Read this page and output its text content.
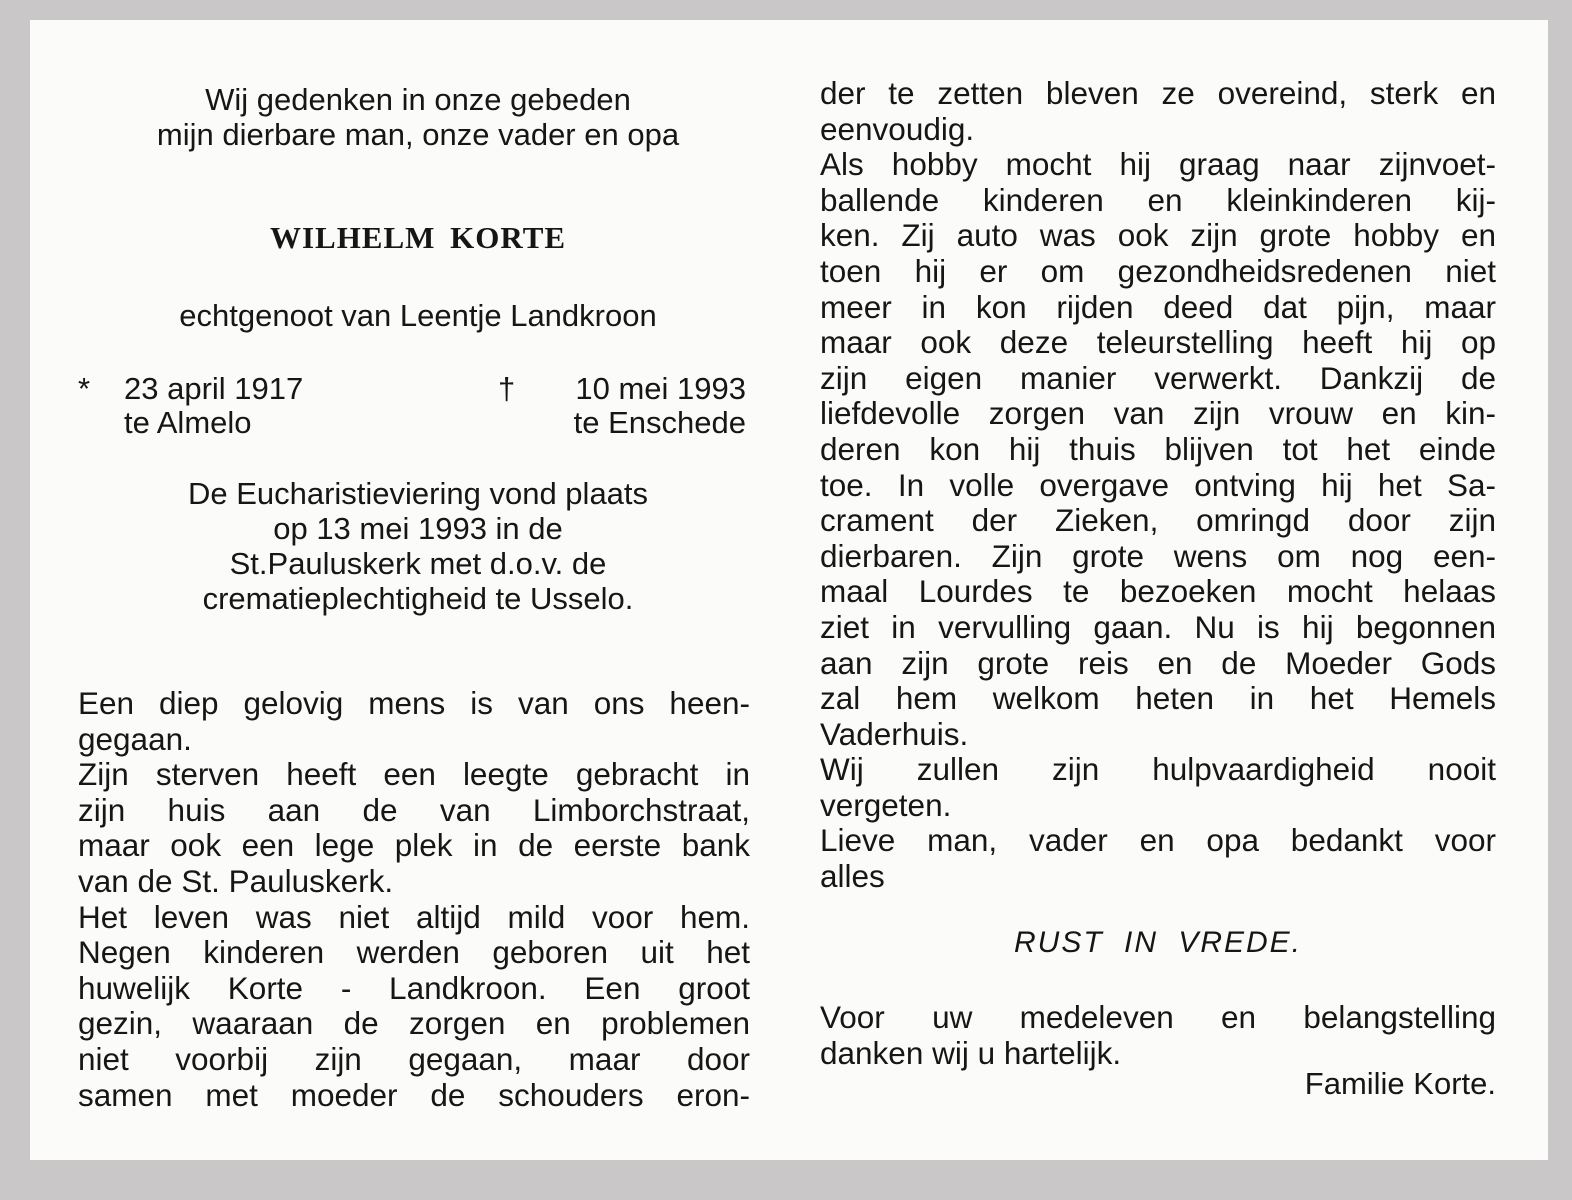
Wij gedenken in onze gebeden
mijn dierbare man, onze vader en opa
WILHELM KORTE
echtgenoot van Leentje Landkroon
* 23 april 1917
te Almelo
† 10 mei 1993
te Enschede
De Eucharistieviering vond plaats
op 13 mei 1993 in de
St.Pauluskerk met d.o.v. de
crematieplechtigheid te Usselo.
Een diep gelovig mens is van ons heen-
gegaan.
Zijn sterven heeft een leegte gebracht in
zijn huis aan de van Limborchstraat,
maar ook een lege plek in de eerste bank
van de St. Pauluskerk.
Het leven was niet altijd mild voor hem.
Negen kinderen werden geboren uit het
huwelijk Korte - Landkroon. Een groot
gezin, waaraan de zorgen en problemen
niet voorbij zijn gegaan, maar door
samen met moeder de schouders eron-
der te zetten bleven ze overeind, sterk en
eenvoudig.
Als hobby mocht hij graag naar zijnvoet-
ballende kinderen en kleinkinderen kij-
ken. Zij auto was ook zijn grote hobby en
toen hij er om gezondheidsredenen niet
meer in kon rijden deed dat pijn, maar
maar ook deze teleurstelling heeft hij op
zijn eigen manier verwerkt. Dankzij de
liefdevolle zorgen van zijn vrouw en kin-
deren kon hij thuis blijven tot het einde
toe. In volle overgave ontving hij het Sa-
crament der Zieken, omringd door zijn
dierbaren. Zijn grote wens om nog een-
maal Lourdes te bezoeken mocht helaas
ziet in vervulling gaan. Nu is hij begonnen
aan zijn grote reis en de Moeder Gods
zal hem welkom heten in het Hemels
Vaderhuis.
Wij zullen zijn hulpvaardigheid nooit
vergeten.
Lieve man, vader en opa bedankt voor
alles
RUST IN VREDE.
Voor uw medeleven en belangstelling
danken wij u hartelijk.
Familie Korte.
